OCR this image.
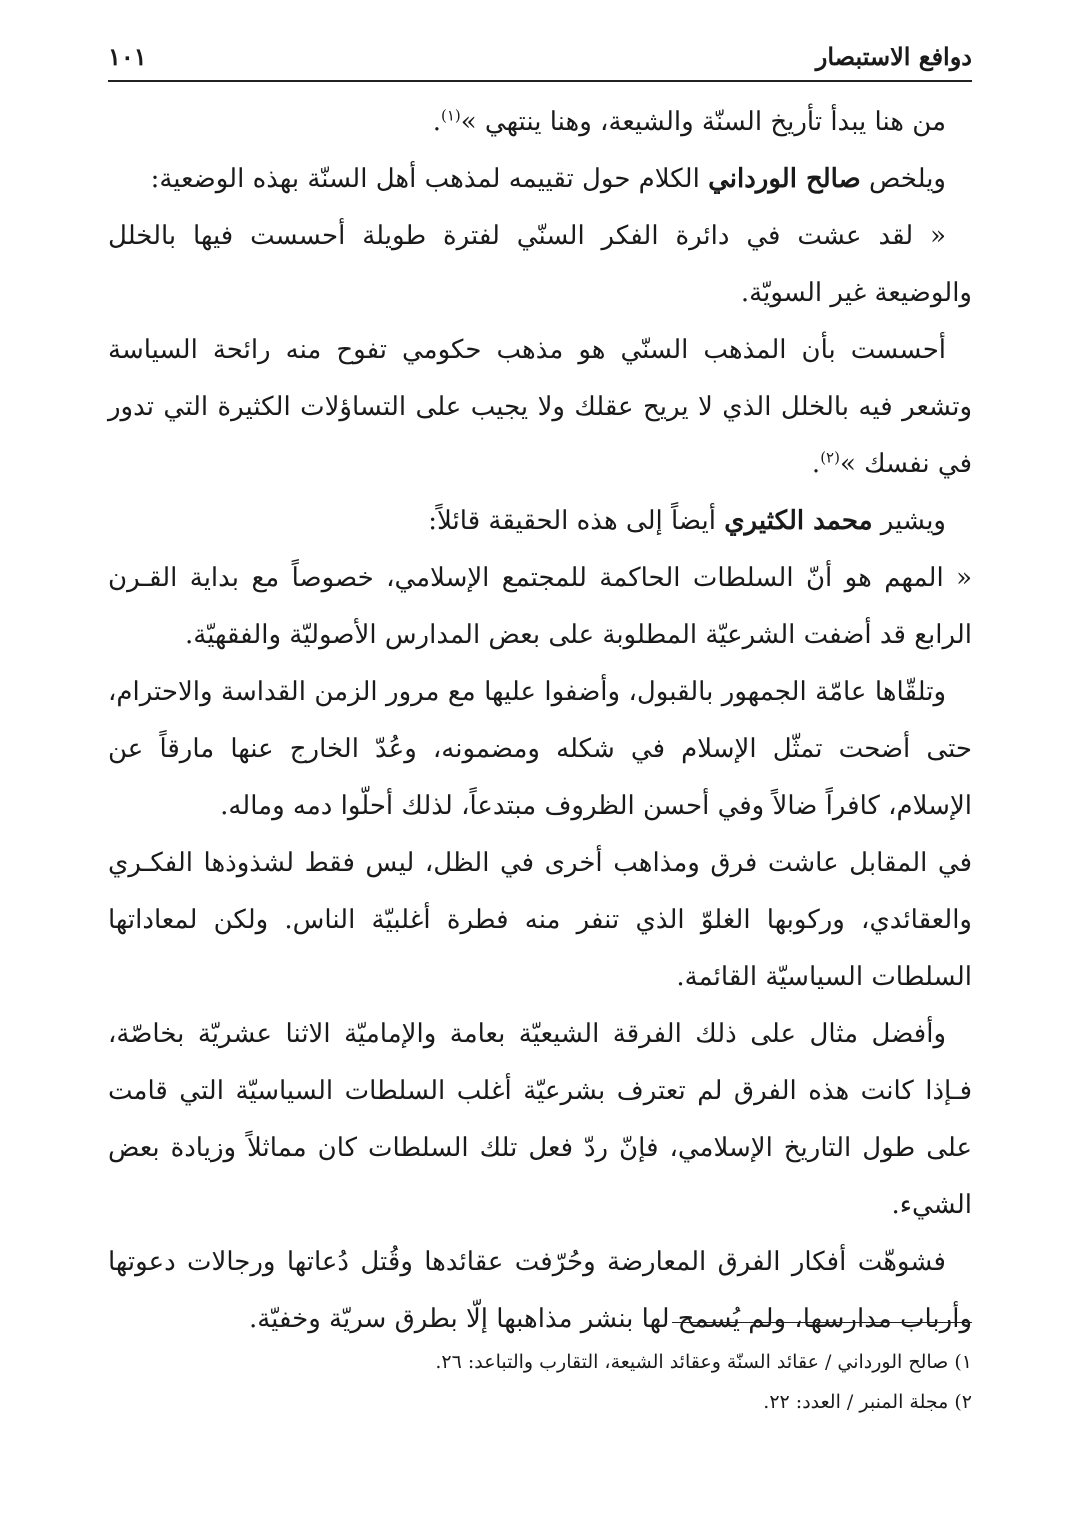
دوافع الاستبصار
١٠١

من هنا يبدأ تأريخ السنّة والشيعة، وهنا ينتهي »$^{(١)}$.

ويلخص صالح الورداني الكلام حول تقييمه لمذهب أهل السنّة بهذه الوضعية:

« لقد عشت في دائرة الفكر السنّي لفترة طويلة أحسست فيها بالخلل والوضيعة غير السويّة.

أحسست بأن المذهب السنّي هو مذهب حكومي تفوح منه رائحة السياسة وتشعر فيه بالخلل الذي لا يريح عقلك ولا يجيب على التساؤلات الكثيرة التي تدور في نفسك »$^{(٢)}$.

ويشير محمد الكثيري أيضاً إلى هذه الحقيقة قائلاً:

« المهم هو أنّ السلطات الحاكمة للمجتمع الإسلامي، خصوصاً مع بداية القـرن الرابع قد أضفت الشرعيّة المطلوبة على بعض المدارس الأصوليّة والفقهيّة.

وتلقّاها عامّة الجمهور بالقبول، وأضفوا عليها مع مرور الزمن القداسة والاحترام، حتى أضحت تمثّل الإسلام في شكله ومضمونه، وعُدّ الخارج عنها مارقاً عن الإسلام، كافراً ضالاً وفي أحسن الظروف مبتدعاً، لذلك أحلّوا دمه وماله.

في المقابل عاشت فرق ومذاهب أخرى في الظل، ليس فقط لشذوذها الفكـري والعقائدي، وركوبها الغلوّ الذي تنفر منه فطرة أغلبيّة الناس. ولكن لمعاداتها السلطات السياسيّة القائمة.

وأفضل مثال على ذلك الفرقة الشيعيّة بعامة والإماميّة الاثنا عشريّة بخاصّة، فـإذا كانت هذه الفرق لم تعترف بشرعيّة أغلب السلطات السياسيّة التي قامت على طول التاريخ الإسلامي، فإنّ ردّ فعل تلك السلطات كان مماثلاً وزيادة بعض الشيء.

فشوهّت أفكار الفرق المعارضة وحُرّفت عقائدها وقُتل دُعاتها ورجالات دعوتها وأرباب مدارسها، ولم يُسمح لها بنشر مذاهبها إلّا بطرق سريّة وخفيّة.

١) صالح الورداني / عقائد السنّة وعقائد الشيعة، التقارب والتباعد: ٢٦.

٢) مجلة المنبر / العدد: ٢٢.
